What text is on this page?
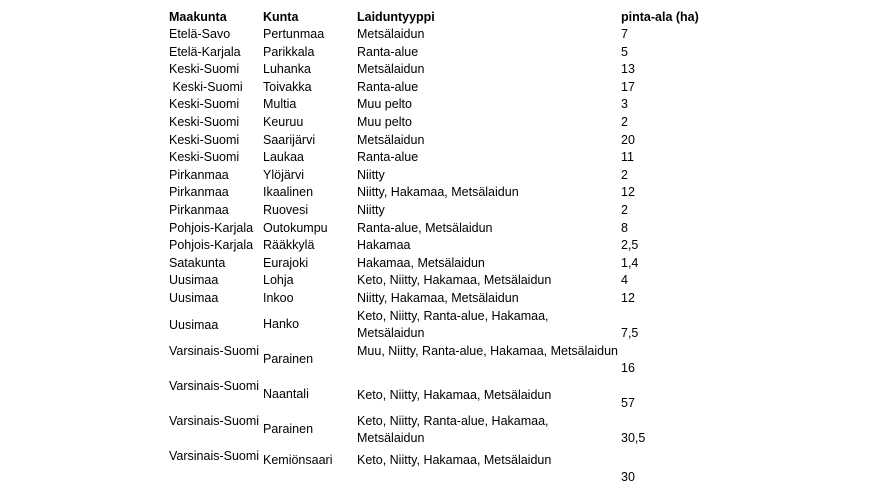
Maakunta	Kunta	Laiduntyyppi	pinta-ala (ha)
Etelä-Savo	Pertunmaa	Metsälaidun	7
Etelä-Karjala	Parikkala	Ranta-alue	5
Keski-Suomi	Luhanka	Metsälaidun	13
Keski-Suomi	Toivakka	Ranta-alue	17
Keski-Suomi	Multia	Muu pelto	3
Keski-Suomi	Keuruu	Muu pelto	2
Keski-Suomi	Saarijärvi	Metsälaidun	20
Keski-Suomi	Laukaa	Ranta-alue	11
Pirkanmaa	Ylöjärvi	Niitty	2
Pirkanmaa	Ikaalinen	Niitty, Hakamaa, Metsälaidun	12
Pirkanmaa	Ruovesi	Niitty	2
Pohjois-Karjala	Outokumpu	Ranta-alue, Metsälaidun	8
Pohjois-Karjala	Rääkkylä	Hakamaa	2,5
Satakunta	Eurajoki	Hakamaa, Metsälaidun	1,4
Uusimaa	Lohja	Keto, Niitty, Hakamaa, Metsälaidun	4
Uusimaa	Inkoo	Niitty, Hakamaa, Metsälaidun	12
Uusimaa	Hanko	Keto, Niitty, Ranta-alue, Hakamaa, Metsälaidun	7,5
Varsinais-Suomi	Parainen	Muu, Niitty, Ranta-alue, Hakamaa, Metsälaidun	16
Varsinais-Suomi	Naantali	Keto, Niitty, Hakamaa, Metsälaidun	57
Varsinais-Suomi	Parainen	Keto, Niitty, Ranta-alue, Hakamaa, Metsälaidun	30,5
Varsinais-Suomi	Kemiönsaari	Keto, Niitty, Hakamaa, Metsälaidun	30
